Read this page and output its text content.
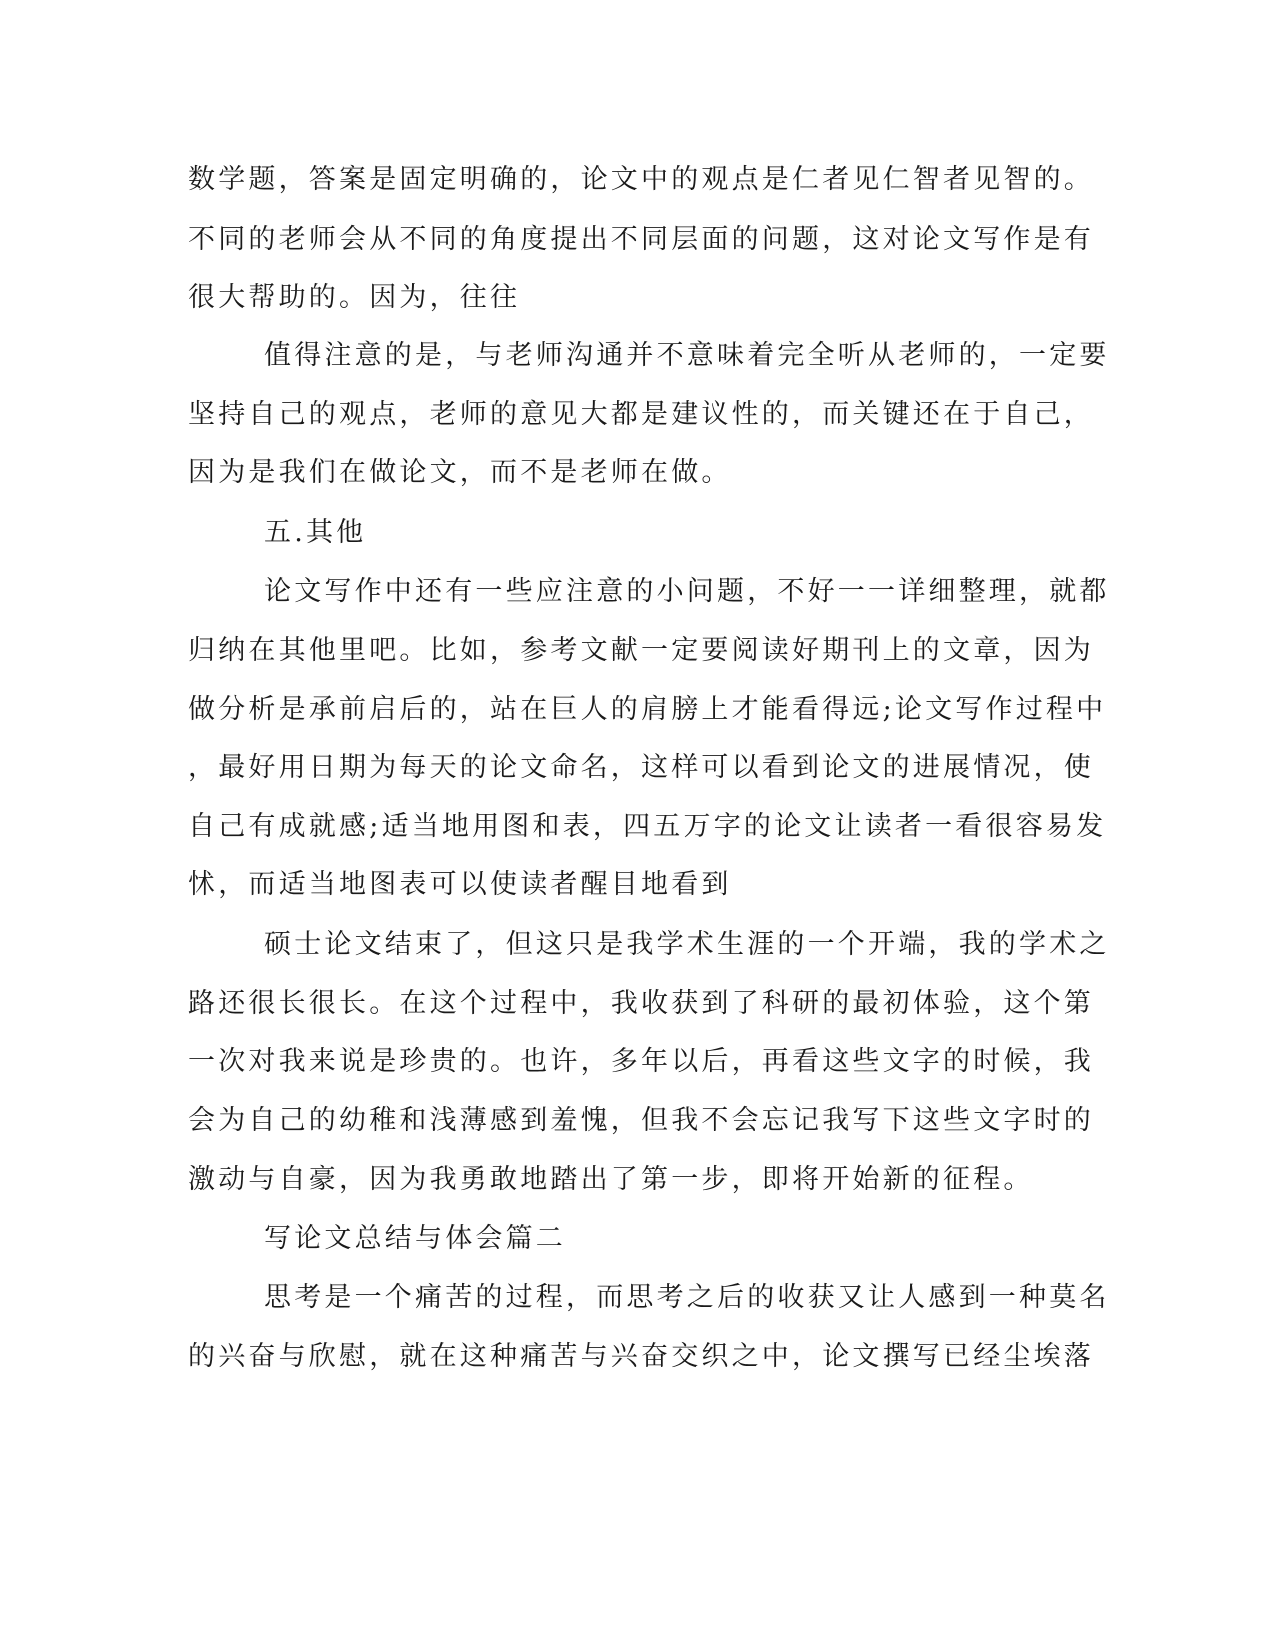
数学题，答案是固定明确的，论文中的观点是仁者见仁智者见智的。
不同的老师会从不同的角度提出不同层面的问题，这对论文写作是有
很大帮助的。因为，往往
值得注意的是，与老师沟通并不意味着完全听从老师的，一定要
坚持自己的观点，老师的意见大都是建议性的，而关键还在于自己，
因为是我们在做论文，而不是老师在做。
五.其他
论文写作中还有一些应注意的小问题，不好一一详细整理，就都
归纳在其他里吧。比如，参考文献一定要阅读好期刊上的文章，因为
做分析是承前启后的，站在巨人的肩膀上才能看得远;论文写作过程中
，最好用日期为每天的论文命名，这样可以看到论文的进展情况，使
自己有成就感;适当地用图和表，四五万字的论文让读者一看很容易发
怵，而适当地图表可以使读者醒目地看到
硕士论文结束了，但这只是我学术生涯的一个开端，我的学术之
路还很长很长。在这个过程中，我收获到了科研的最初体验，这个第
一次对我来说是珍贵的。也许，多年以后，再看这些文字的时候，我
会为自己的幼稚和浅薄感到羞愧，但我不会忘记我写下这些文字时的
激动与自豪，因为我勇敢地踏出了第一步，即将开始新的征程。
写论文总结与体会篇二
思考是一个痛苦的过程，而思考之后的收获又让人感到一种莫名
的兴奋与欣慰，就在这种痛苦与兴奋交织之中，论文撰写已经尘埃落
